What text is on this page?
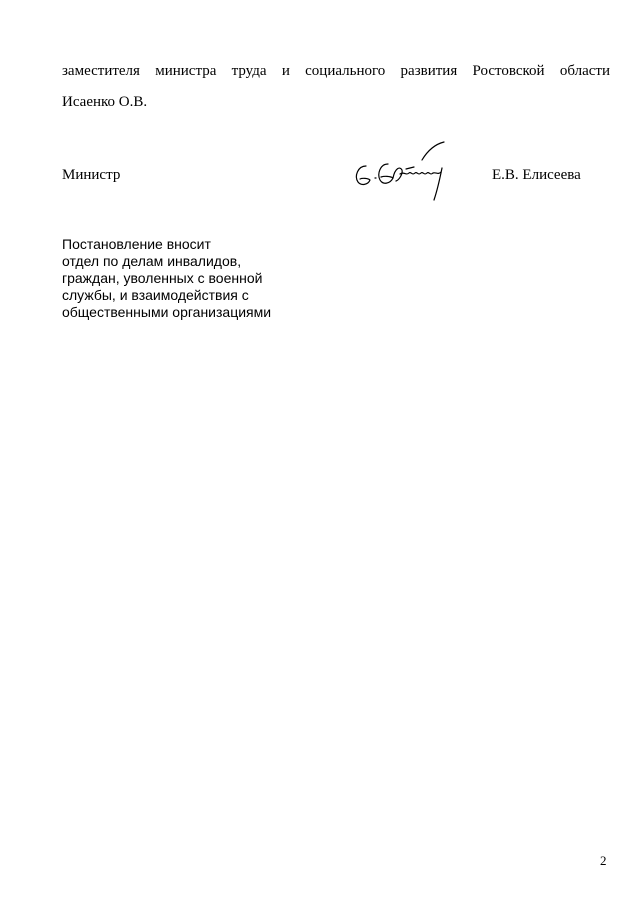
заместителя министра труда и социального развития Ростовской области
Исаенко О.В.
Министр	Е.В. Елисеева
Постановление вносит
отдел по делам инвалидов,
граждан, уволенных с военной
службы, и взаимодействия с
общественными организациями
2
